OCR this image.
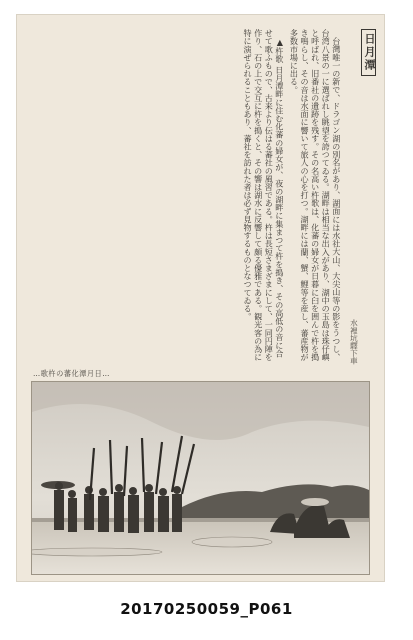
日月潭
水裡坑驛下車
台灣唯一の新で、ドラゴン湖の別名があり、湖面には水社大山、大尖山等の影をうつし、台湾八景の一に選ばれし眺望を誇つてゐる。湖畔は相当な出入があり、湖中の玉島は珠仔嶼と呼ばれ、旧番社の遺跡を残す。その名高い杵歌は、化蕃の婦女が日暮に臼を囲んで杵を搗き鳴らし、その音は水面に響いて旅人の心を打つ。湖畔には蘭、蟹、鯉等を産し、蕃産物が多数市場に出る。
▲杵歌 日月潭畔に住む化蕃の婦女が、夜の湖畔に集まつて杵を搗き、その高低の音に合せて歌ふもので、古来より伝はる蕃社の風習である。杵は長短さまざまにして、一同円陣を作り、石の上で交互に杵を搗くと、その響は湖水に反響して頗る優雅である。観光客の為に特に演ぜられることもあり、蕃社を訪れた者は必ず見物するものとなつてゐる。
…歌杵の蕃化潭月日…
20170250059_P061
